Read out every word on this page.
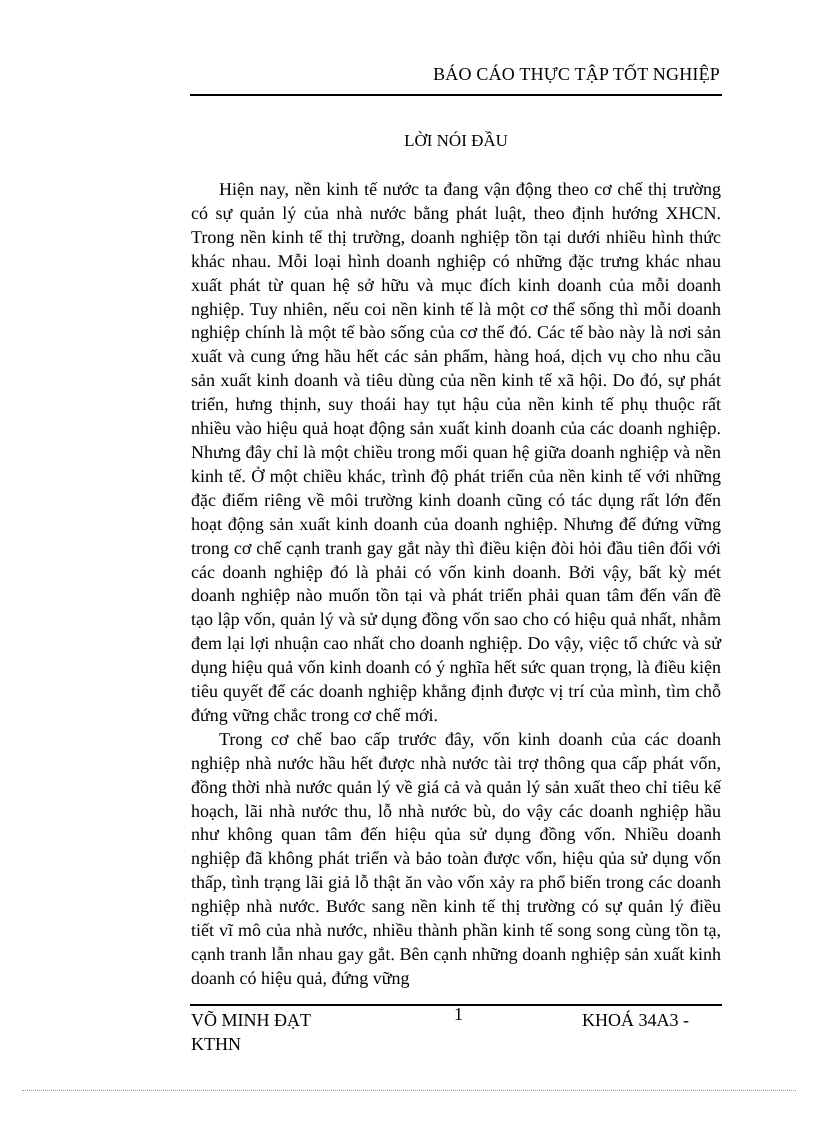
BÁO CÁO THỰC TẬP TỐT NGHIỆP
LỜI NÓI ĐẦU

Hiện nay, nền kinh tế nước ta đang vận động theo cơ chế thị trường có sự quản lý của nhà nước bằng phát luật, theo định hướng XHCN. Trong nền kinh tế thị trường, doanh nghiệp tồn tại dưới nhiều hình thức khác nhau. Mỗi loại hình doanh nghiệp có những đặc trưng khác nhau xuất phát từ quan hệ sở hữu và mục đích kinh doanh của mỗi doanh nghiệp. Tuy nhiên, nếu coi nền kinh tế là một cơ thể sống thì mỗi doanh nghiệp chính là một tế bào sống của cơ thể đó. Các tế bào này là nơi sản xuất và cung ứng hầu hết các sản phẩm, hàng hoá, dịch vụ cho nhu cầu sản xuất kinh doanh và tiêu dùng của nền kinh tế xã hội. Do đó, sự phát triển, hưng thịnh, suy thoái hay tụt hậu của nền kinh tế phụ thuộc rất nhiều vào hiệu quả hoạt động sản xuất kinh doanh của các doanh nghiệp. Nhưng đây chỉ là một chiều trong mối quan hệ giữa doanh nghiệp và nền kinh tế. Ở một chiều khác, trình độ phát triển của nền kinh tế với những đặc điểm riêng về môi trường kinh doanh cũng có tác dụng rất lớn đến hoạt động sản xuất kinh doanh của doanh nghiệp. Nhưng để đứng vững trong cơ chế cạnh tranh gay gắt này thì điều kiện đòi hỏi đầu tiên đối với các doanh nghiệp đó là phải có vốn kinh doanh. Bởi vậy, bất kỳ mét doanh nghiệp nào muốn tồn tại và phát triển phải quan tâm đến vấn đề tạo lập vốn, quản lý và sử dụng đồng vốn sao cho có hiệu quả nhất, nhằm đem lại lợi nhuận cao nhất cho doanh nghiệp. Do vậy, việc tổ chức và sử dụng hiệu quả vốn kinh doanh có ý nghĩa hết sức quan trọng, là điều kiện tiêu quyết để các doanh nghiệp khẳng định được vị trí của mình, tìm chỗ đứng vững chắc trong cơ chế mới.

Trong cơ chế bao cấp trước đây, vốn kinh doanh của các doanh nghiệp nhà nước hầu hết được nhà nước tài trợ thông qua cấp phát vốn, đồng thời nhà nước quản lý về giá cả và quản lý sản xuất theo chỉ tiêu kế hoạch, lãi nhà nước thu, lỗ nhà nước bù, do vậy các doanh nghiệp hầu như không quan tâm đến hiệu qủa sử dụng đồng vốn. Nhiều doanh nghiệp đã không phát triển và bảo toàn được vốn, hiệu qủa sử dụng vốn thấp, tình trạng lãi giả lỗ thật ăn vào vốn xảy ra phổ biến trong các doanh nghiệp nhà nước. Bước sang nền kinh tế thị trường có sự quản lý điều tiết vĩ mô của nhà nước, nhiều thành phần kinh tế song song cùng tồn tạ, cạnh tranh lẫn nhau gay gắt. Bên cạnh những doanh nghiệp sản xuất kinh doanh có hiệu quả, đứng vững

VÕ MINH ĐẠT
KTHN
1	KHOÁ 34A3 -
